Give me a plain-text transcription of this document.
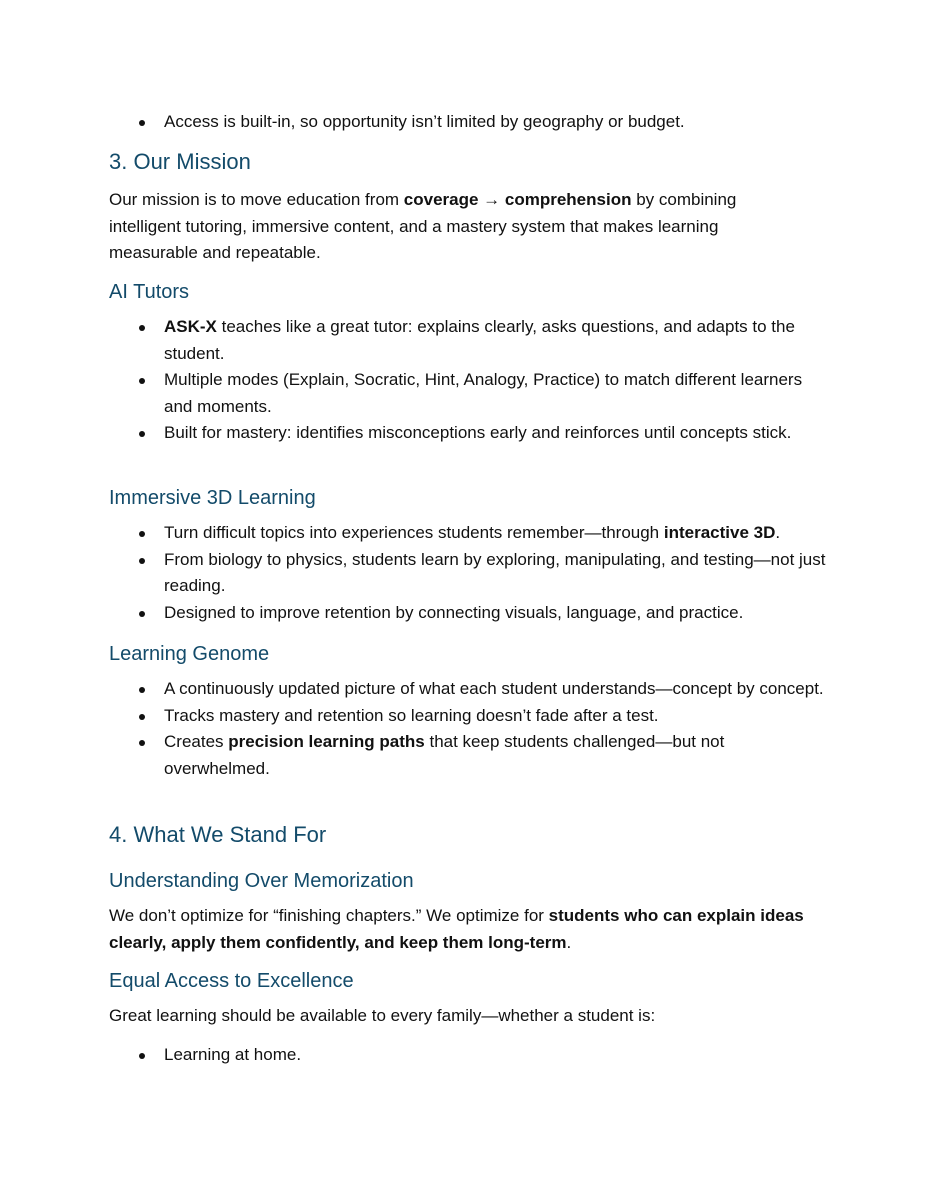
Access is built-in, so opportunity isn’t limited by geography or budget.
3. Our Mission

Our mission is to move education from coverage → comprehension by combining intelligent tutoring, immersive content, and a mastery system that makes learning measurable and repeatable.

AI Tutors
ASK-X teaches like a great tutor: explains clearly, asks questions, and adapts to the student.
Multiple modes (Explain, Socratic, Hint, Analogy, Practice) to match different learners and moments.
Built for mastery: identifies misconceptions early and reinforces until concepts stick.
Immersive 3D Learning
Turn difficult topics into experiences students remember—through interactive 3D.
From biology to physics, students learn by exploring, manipulating, and testing—not just reading.
Designed to improve retention by connecting visuals, language, and practice.
Learning Genome
A continuously updated picture of what each student understands—concept by concept.
Tracks mastery and retention so learning doesn’t fade after a test.
Creates precision learning paths that keep students challenged—but not overwhelmed.
4. What We Stand For
Understanding Over Memorization

We don’t optimize for “finishing chapters.” We optimize for students who can explain ideas clearly, apply them confidently, and keep them long-term.

Equal Access to Excellence

Great learning should be available to every family—whether a student is:

Learning at home.
